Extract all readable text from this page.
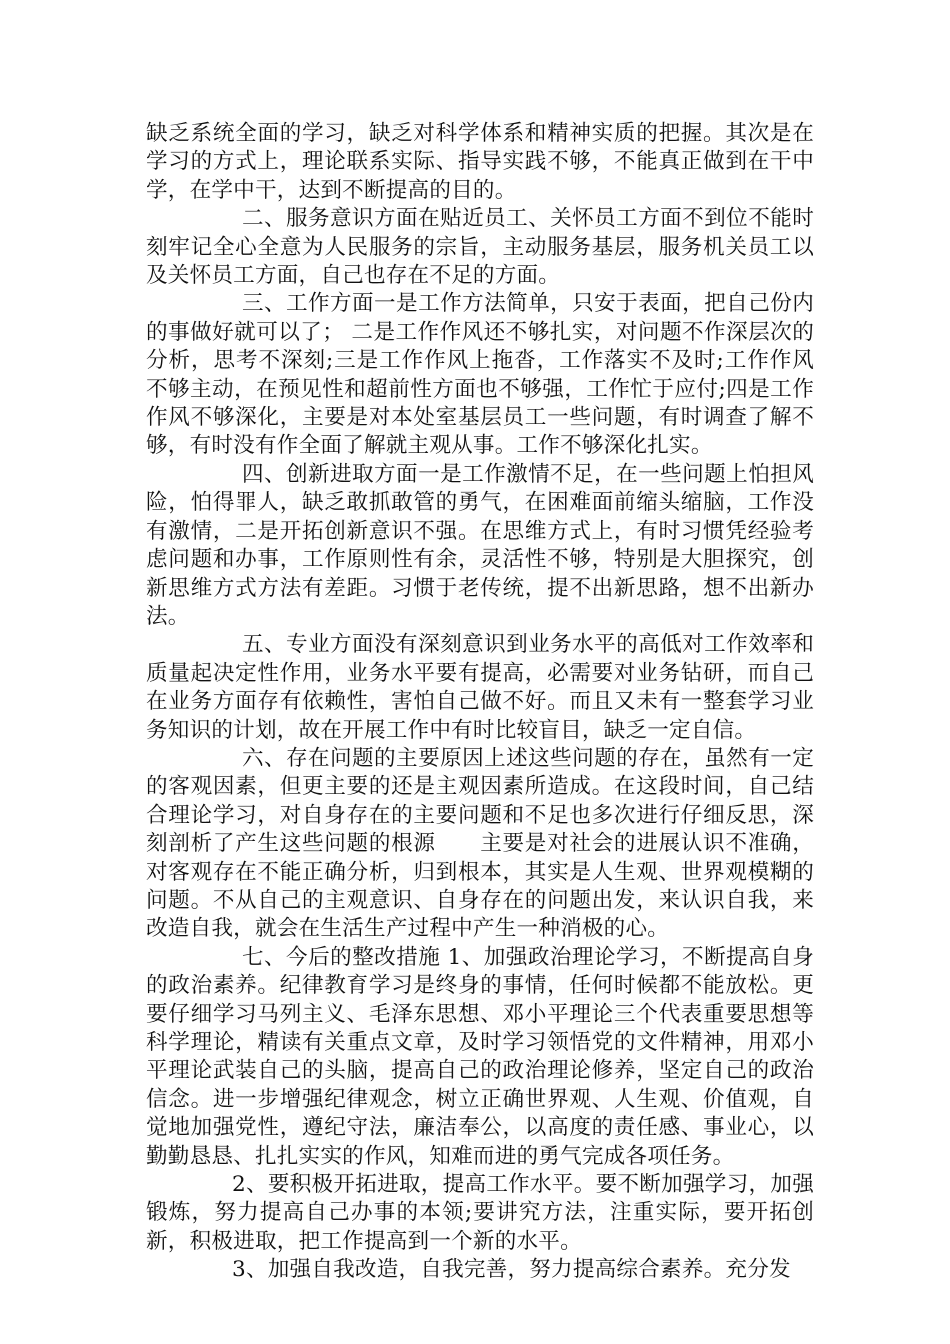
缺乏系统全面的学习，缺乏对科学体系和精神实质的把握。其次是在学习的方式上，理论联系实际、指导实践不够，不能真正做到在干中学，在学中干，达到不断提高的目的。

二、服务意识方面在贴近员工、关怀员工方面不到位不能时刻牢记全心全意为人民服务的宗旨，主动服务基层，服务机关员工以及关怀员工方面，自己也存在不足的方面。

三、工作方面一是工作方法简单，只安于表面，把自己份内的事做好就可以了； 二是工作作风还不够扎实，对问题不作深层次的分析，思考不深刻;三是工作作风上拖沓，工作落实不及时;工作作风不够主动，在预见性和超前性方面也不够强，工作忙于应付;四是工作作风不够深化，主要是对本处室基层员工一些问题，有时调查了解不够，有时没有作全面了解就主观从事。工作不够深化扎实。

四、创新进取方面一是工作激情不足，在一些问题上怕担风险，怕得罪人，缺乏敢抓敢管的勇气，在困难面前缩头缩脑，工作没有激情，二是开拓创新意识不强。在思维方式上，有时习惯凭经验考虑问题和办事，工作原则性有余，灵活性不够，特别是大胆探究，创新思维方式方法有差距。习惯于老传统，提不出新思路，想不出新办法。

五、专业方面没有深刻意识到业务水平的高低对工作效率和质量起决定性作用，业务水平要有提高，必需要对业务钻研，而自己在业务方面存有依赖性，害怕自己做不好。而且又未有一整套学习业务知识的计划，故在开展工作中有时比较盲目，缺乏一定自信。

六、存在问题的主要原因上述这些问题的存在，虽然有一定的客观因素，但更主要的还是主观因素所造成。在这段时间，自己结合理论学习，对自身存在的主要问题和不足也多次进行仔细反思，深刻剖析了产生这些问题的根源　　主要是对社会的进展认识不准确，对客观存在不能正确分析，归到根本，其实是人生观、世界观模糊的问题。不从自己的主观意识、自身存在的问题出发，来认识自我，来改造自我，就会在生活生产过程中产生一种消极的心。

七、今后的整改措施 1、加强政治理论学习，不断提高自身的政治素养。纪律教育学习是终身的事情，任何时候都不能放松。更要仔细学习马列主义、毛泽东思想、邓小平理论三个代表重要思想等科学理论，精读有关重点文章，及时学习领悟党的文件精神，用邓小平理论武装自己的头脑，提高自己的政治理论修养，坚定自己的政治信念。进一步增强纪律观念，树立正确世界观、人生观、价值观，自觉地加强党性，遵纪守法，廉洁奉公，以高度的责任感、事业心，以勤勤恳恳、扎扎实实的作风，知难而进的勇气完成各项任务。

2、要积极开拓进取，提高工作水平。要不断加强学习，加强锻炼，努力提高自己办事的本领;要讲究方法，注重实际，要开拓创新，积极进取，把工作提高到一个新的水平。

3、加强自我改造，自我完善，努力提高综合素养。充分发
